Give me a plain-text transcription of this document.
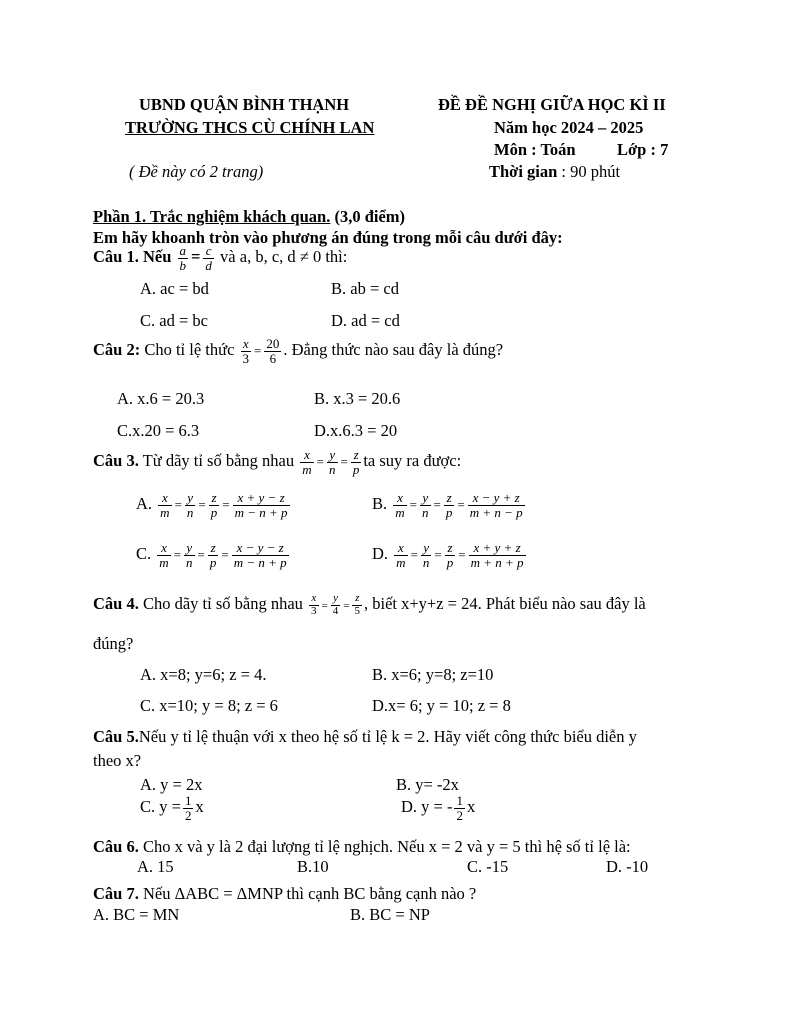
UBND QUẬN BÌNH THẠNH
TRƯỜNG THCS CÙ CHÍNH LAN
( Đề này có 2 trang)
ĐỀ ĐỀ NGHỊ GIỮA HỌC KÌ II
Năm học 2024 – 2025
Môn : Toán	Lớp : 7
Thời gian : 90 phút
Phần 1. Trắc nghiệm khách quan. (3,0 điểm)
Em hãy khoanh tròn vào phương án đúng trong mỗi câu dưới đây:
Câu 1. Nếu $\frac{a}{b} = \frac{c}{d}$ và a, b, c, d ≠ 0 thì:
A. ac = bd	B. ab = cd
C. ad = bc	D. ad = cd
Câu 2: Cho tỉ lệ thức $\frac{x}{3} = \frac{20}{6}$ . Đẳng thức nào sau đây là đúng?
A. x.6 = 20.3	B. x.3 = 20.6
C.x.20 = 6.3	D.x.6.3 = 20
Câu 3. Từ dãy tỉ số bằng nhau $\frac{x}{m} = \frac{y}{n} = \frac{z}{p}$ ta suy ra được:
A. $\frac{x}{m} = \frac{y}{n} = \frac{z}{p} = \frac{x + y - z}{m - n + p}$	B. $\frac{x}{m} = \frac{y}{n} = \frac{z}{p} = \frac{x - y + z}{m + n - p}$
C. $\frac{x}{m} = \frac{y}{n} = \frac{z}{p} = \frac{x - y - z}{m - n + p}$	D. $\frac{x}{m} = \frac{y}{n} = \frac{z}{p} = \frac{x + y + z}{m + n + p}$
Câu 4. Cho dãy tỉ số bằng nhau $\frac{x}{3} = \frac{y}{4} = \frac{z}{5}$ , biết x+y+z = 24. Phát biểu nào sau đây là
đúng?
A. x=8; y=6; z = 4.	B. x=6; y=8; z=10
C. x=10; y = 8; z = 6	D.x= 6; y = 10; z = 8
Câu 5.Nếu y tỉ lệ thuận với x theo hệ số tỉ lệ k = 2. Hãy viết công thức biểu diễn y
theo x?
A. y = 2x	B. y= -2x
C. $y = \frac{1}{2}$ x	D. y = - $\frac{1}{2}$ x
Câu 6. Cho x và y là 2 đại lượng tỉ lệ nghịch. Nếu x = 2 và y = 5 thì hệ số tỉ lệ là:
A. 15	B.10	C. -15	D. -10
Câu 7. Nếu ΔABC = ΔMNP thì cạnh BC bằng cạnh nào ?
A. BC = MN	B. BC = NP
